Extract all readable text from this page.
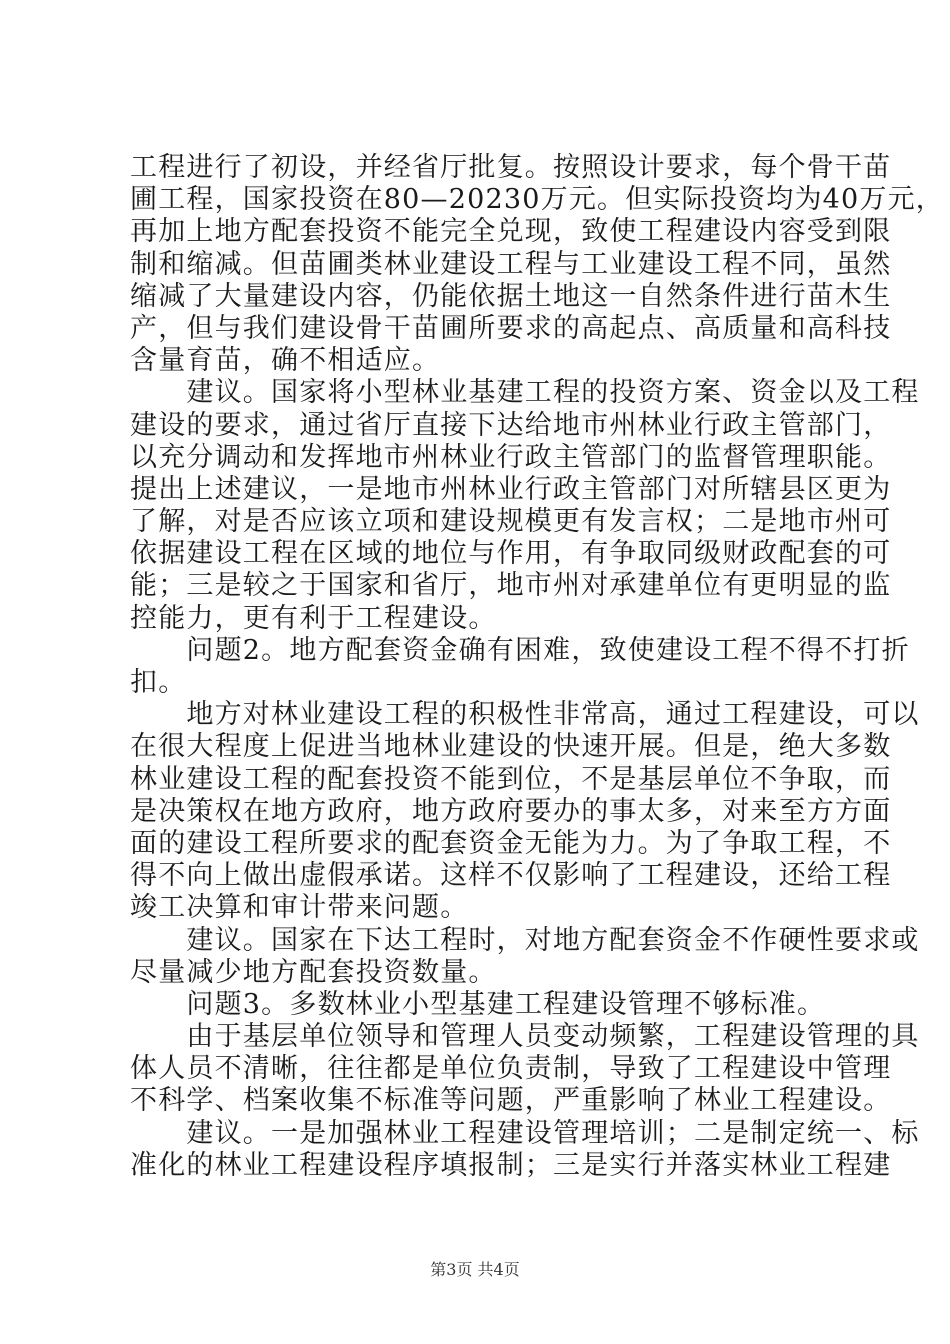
工程进行了初设，并经省厅批复。按照设计要求，每个骨干苗
圃工程，国家投资在80—20230万元。但实际投资均为40万元，
再加上地方配套投资不能完全兑现，致使工程建设内容受到限
制和缩减。但苗圃类林业建设工程与工业建设工程不同，虽然
缩减了大量建设内容，仍能依据土地这一自然条件进行苗木生
产，但与我们建设骨干苗圃所要求的高起点、高质量和高科技
含量育苗，确不相适应。
　　建议。国家将小型林业基建工程的投资方案、资金以及工程
建设的要求，通过省厅直接下达给地市州林业行政主管部门，
以充分调动和发挥地市州林业行政主管部门的监督管理职能。
提出上述建议，一是地市州林业行政主管部门对所辖县区更为
了解，对是否应该立项和建设规模更有发言权；二是地市州可
依据建设工程在区域的地位与作用，有争取同级财政配套的可
能；三是较之于国家和省厅，地市州对承建单位有更明显的监
控能力，更有利于工程建设。
　　问题2。地方配套资金确有困难，致使建设工程不得不打折
扣。
　　地方对林业建设工程的积极性非常高，通过工程建设，可以
在很大程度上促进当地林业建设的快速开展。但是，绝大多数
林业建设工程的配套投资不能到位，不是基层单位不争取，而
是决策权在地方政府，地方政府要办的事太多，对来至方方面
面的建设工程所要求的配套资金无能为力。为了争取工程，不
得不向上做出虚假承诺。这样不仅影响了工程建设，还给工程
竣工决算和审计带来问题。
　　建议。国家在下达工程时，对地方配套资金不作硬性要求或
尽量减少地方配套投资数量。
　　问题3。多数林业小型基建工程建设管理不够标准。
　　由于基层单位领导和管理人员变动频繁，工程建设管理的具
体人员不清晰，往往都是单位负责制，导致了工程建设中管理
不科学、档案收集不标准等问题，严重影响了林业工程建设。
　　建议。一是加强林业工程建设管理培训；二是制定统一、标
准化的林业工程建设程序填报制；三是实行并落实林业工程建
第3页 共4页
